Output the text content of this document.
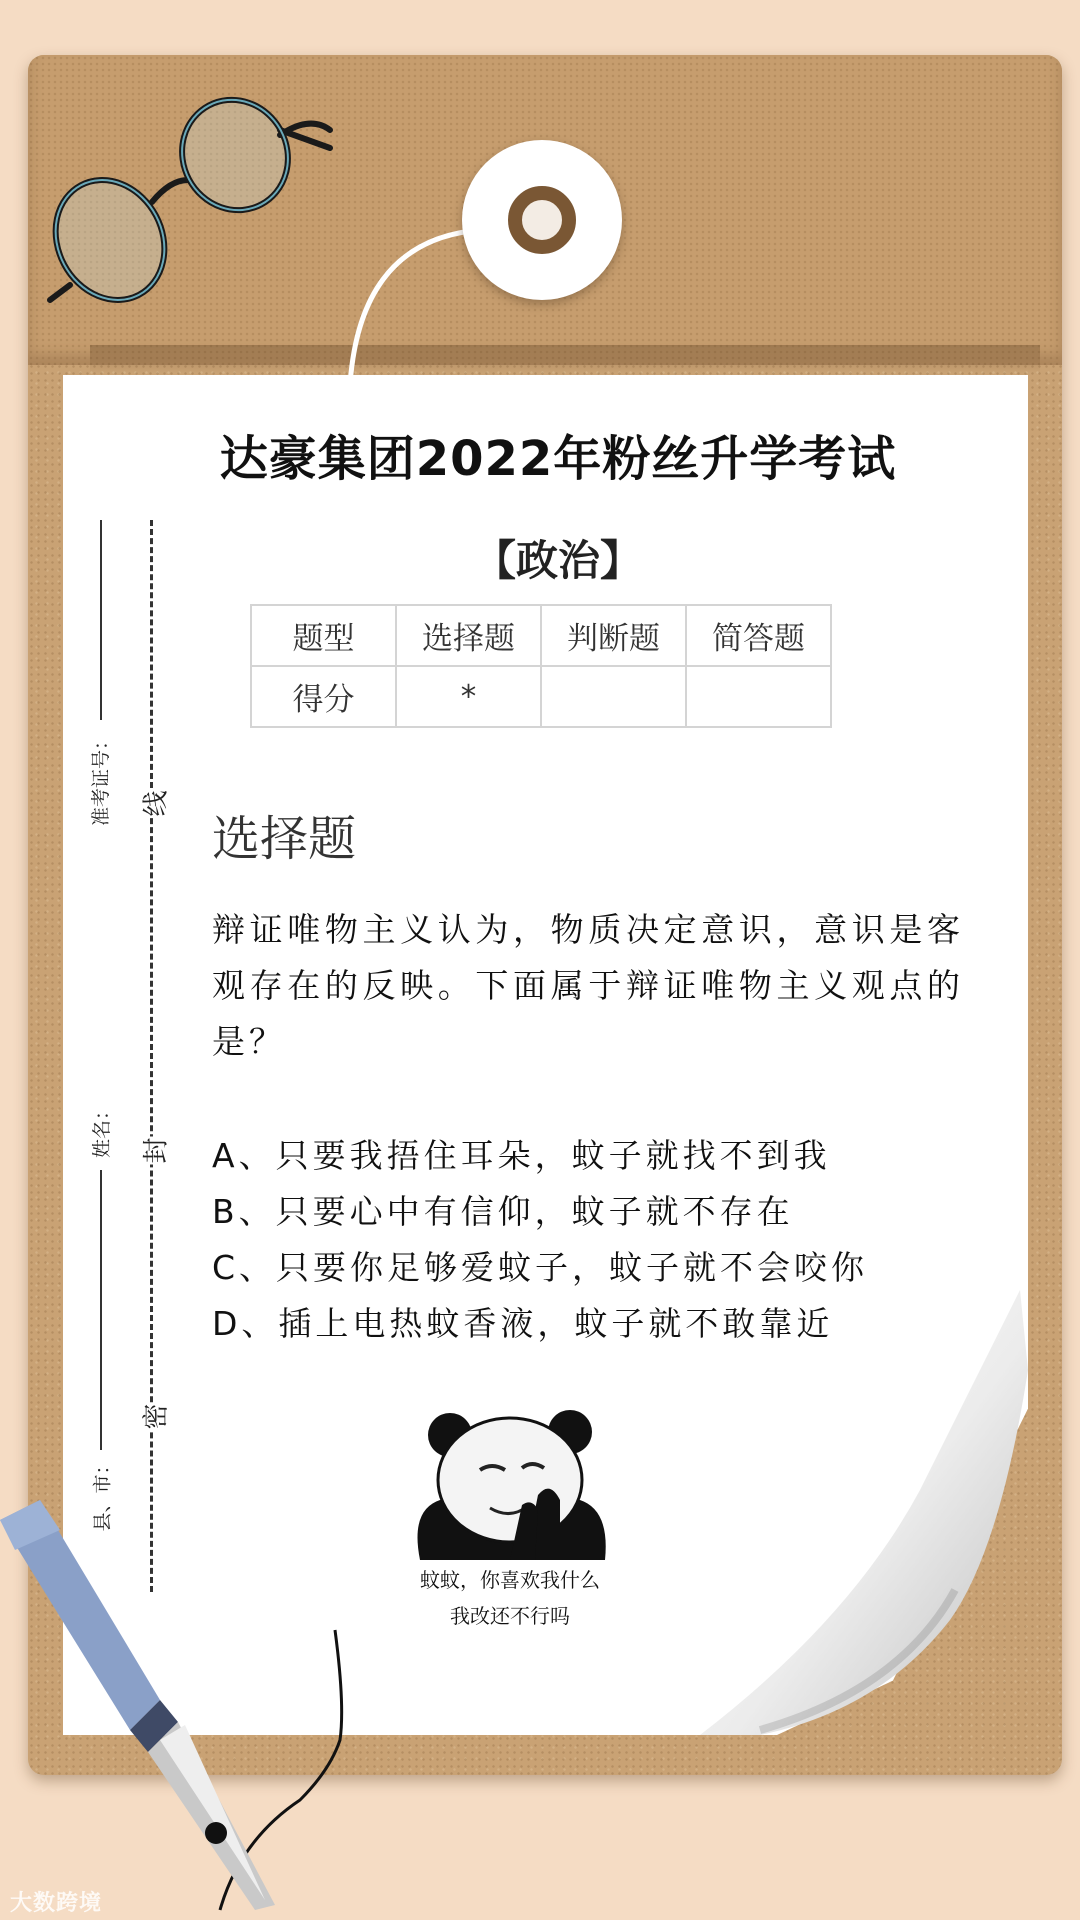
达豪集团2022年粉丝升学考试
【政治】
题型	选择题	判断题	简答题
得分	*		
准考证号：
姓名：
县、市：
线
封
密
选择题
辩证唯物主义认为，物质决定意识，意识是客观存在的反映。下面属于辩证唯物主义观点的是？
A、只要我捂住耳朵，蚊子就找不到我
B、只要心中有信仰，蚊子就不存在
C、只要你足够爱蚊子，蚊子就不会咬你
D、插上电热蚊香液，蚊子就不敢靠近
蚊蚊，你喜欢我什么
我改还不行吗
大数跨境
